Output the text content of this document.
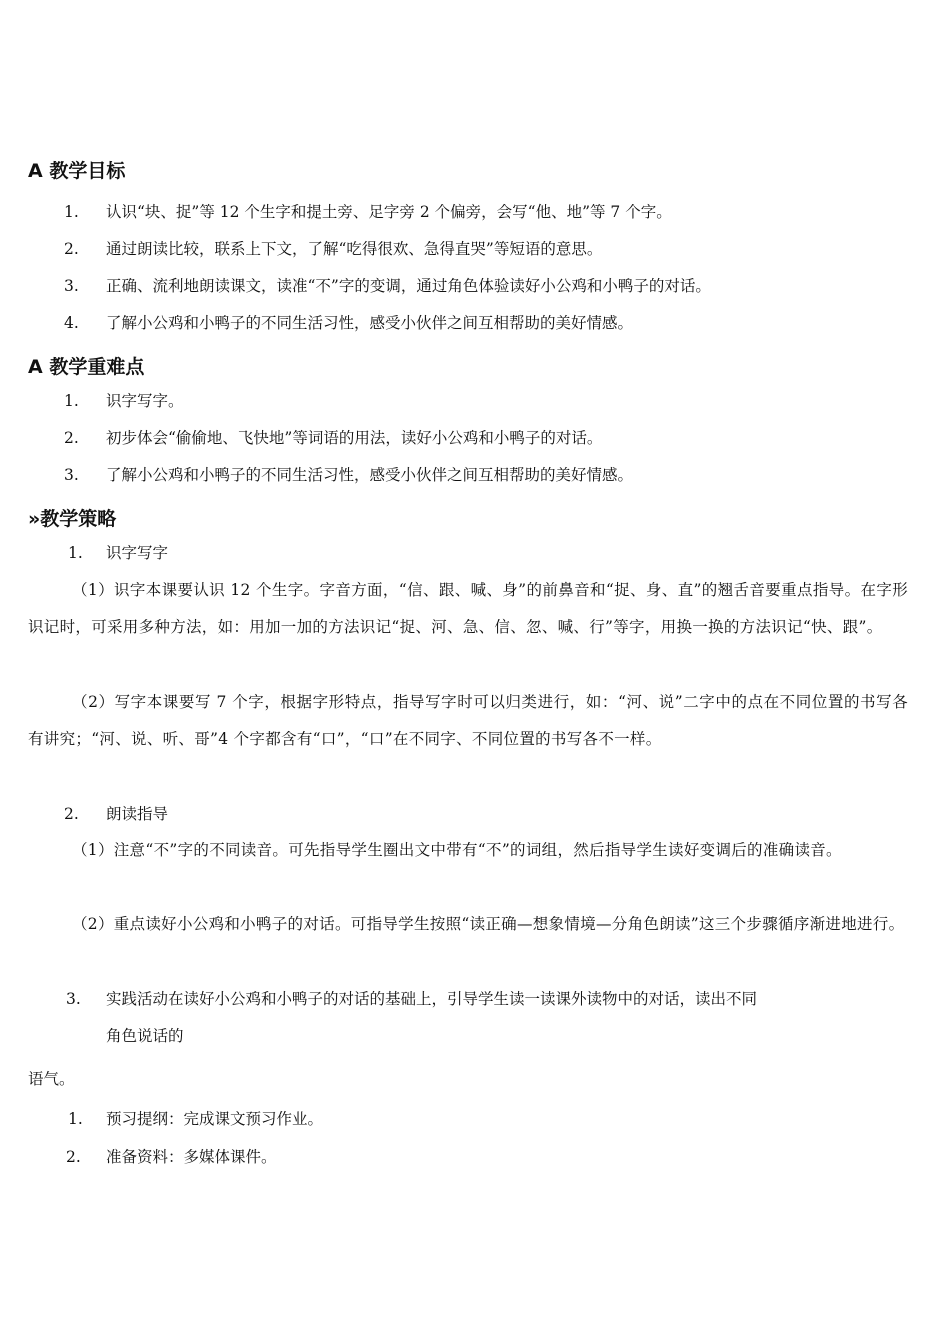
A 教学目标
1.	认识“块、捉”等 12 个生字和提土旁、足字旁 2 个偏旁，会写“他、地”等 7 个字。
2.	通过朗读比较，联系上下文，了解“吃得很欢、急得直哭”等短语的意思。
3.	正确、流利地朗读课文，读准“不”字的变调，通过角色体验读好小公鸡和小鸭子的对话。
4.	了解小公鸡和小鸭子的不同生活习性，感受小伙伴之间互相帮助的美好情感。
A 教学重难点
1.	识字写字。
2.	初步体会“偷偷地、飞快地”等词语的用法，读好小公鸡和小鸭子的对话。
3.	了解小公鸡和小鸭子的不同生活习性，感受小伙伴之间互相帮助的美好情感。
»教学策略
1.	识字写字
（1）识字本课要认识 12 个生字。字音方面，“信、跟、喊、身”的前鼻音和“捉、身、直”的翘舌音要重点指导。在字形识记时，可采用多种方法，如：用加一加的方法识记“捉、河、急、信、忽、喊、行”等字，用换一换的方法识记“快、跟”。
（2）写字本课要写 7 个字，根据字形特点，指导写字时可以归类进行，如：“河、说”二字中的点在不同位置的书写各有讲究；“河、说、听、哥”4 个字都含有“口”，“口”在不同字、不同位置的书写各不一样。
2.	朗读指导
（1）注意“不”字的不同读音。可先指导学生圈出文中带有“不”的词组，然后指导学生读好变调后的准确读音。
（2）重点读好小公鸡和小鸭子的对话。可指导学生按照“读正确—想象情境—分角色朗读”这三个步骤循序渐进地进行。
3.	实践活动在读好小公鸡和小鸭子的对话的基础上，引导学生读一读课外读物中的对话，读出不同
角色说话的
语气。
1.	预习提纲：完成课文预习作业。
2.	准备资料：多媒体课件。
